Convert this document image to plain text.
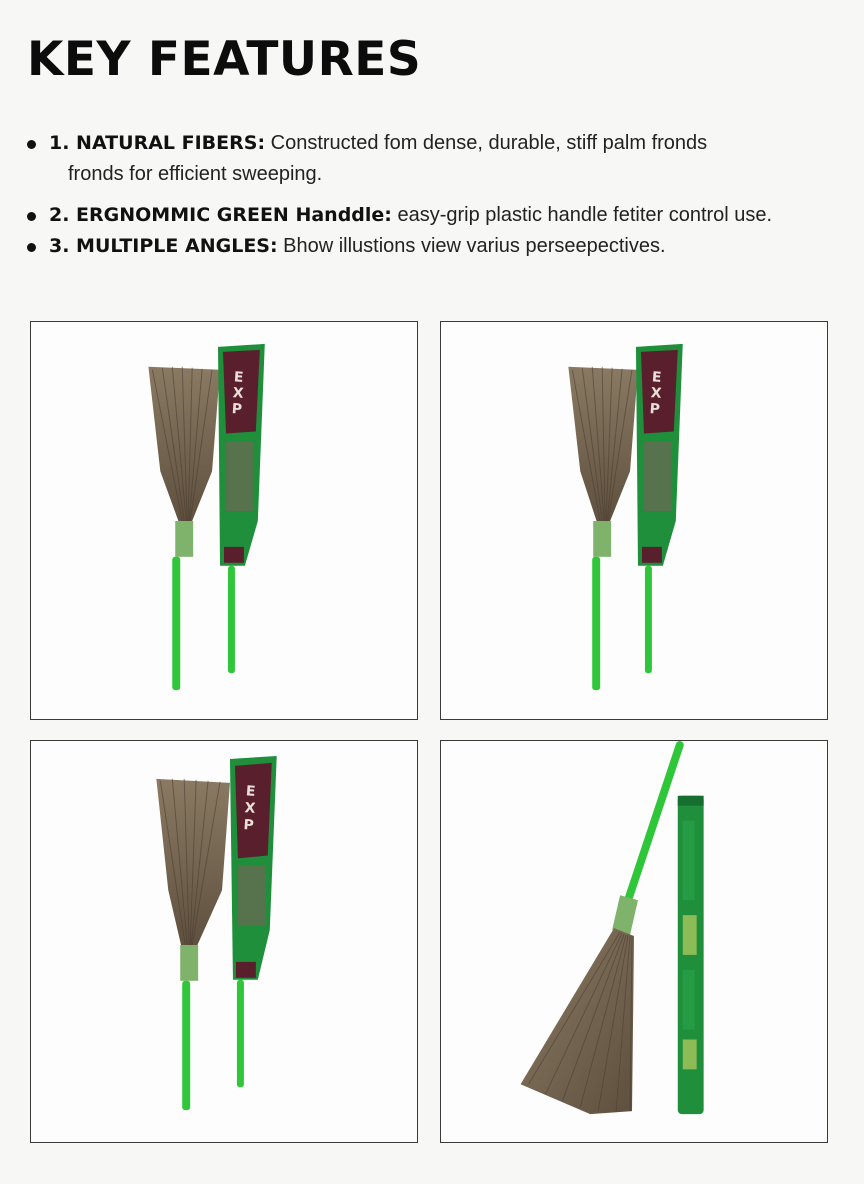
KEY FEATURES
1. NATURAL FIBERS: Constructed fom dense, durable, stiff palm fronds
fronds for efficient sweeping.
2. ERGNOMMIC GREEN Handdle: easy-grip plastic handle fetiter control use.
3. MULTIPLE ANGLES: Bhow illustions view varius perseepectives.
E
X
P
E
X
P
E
X
P
